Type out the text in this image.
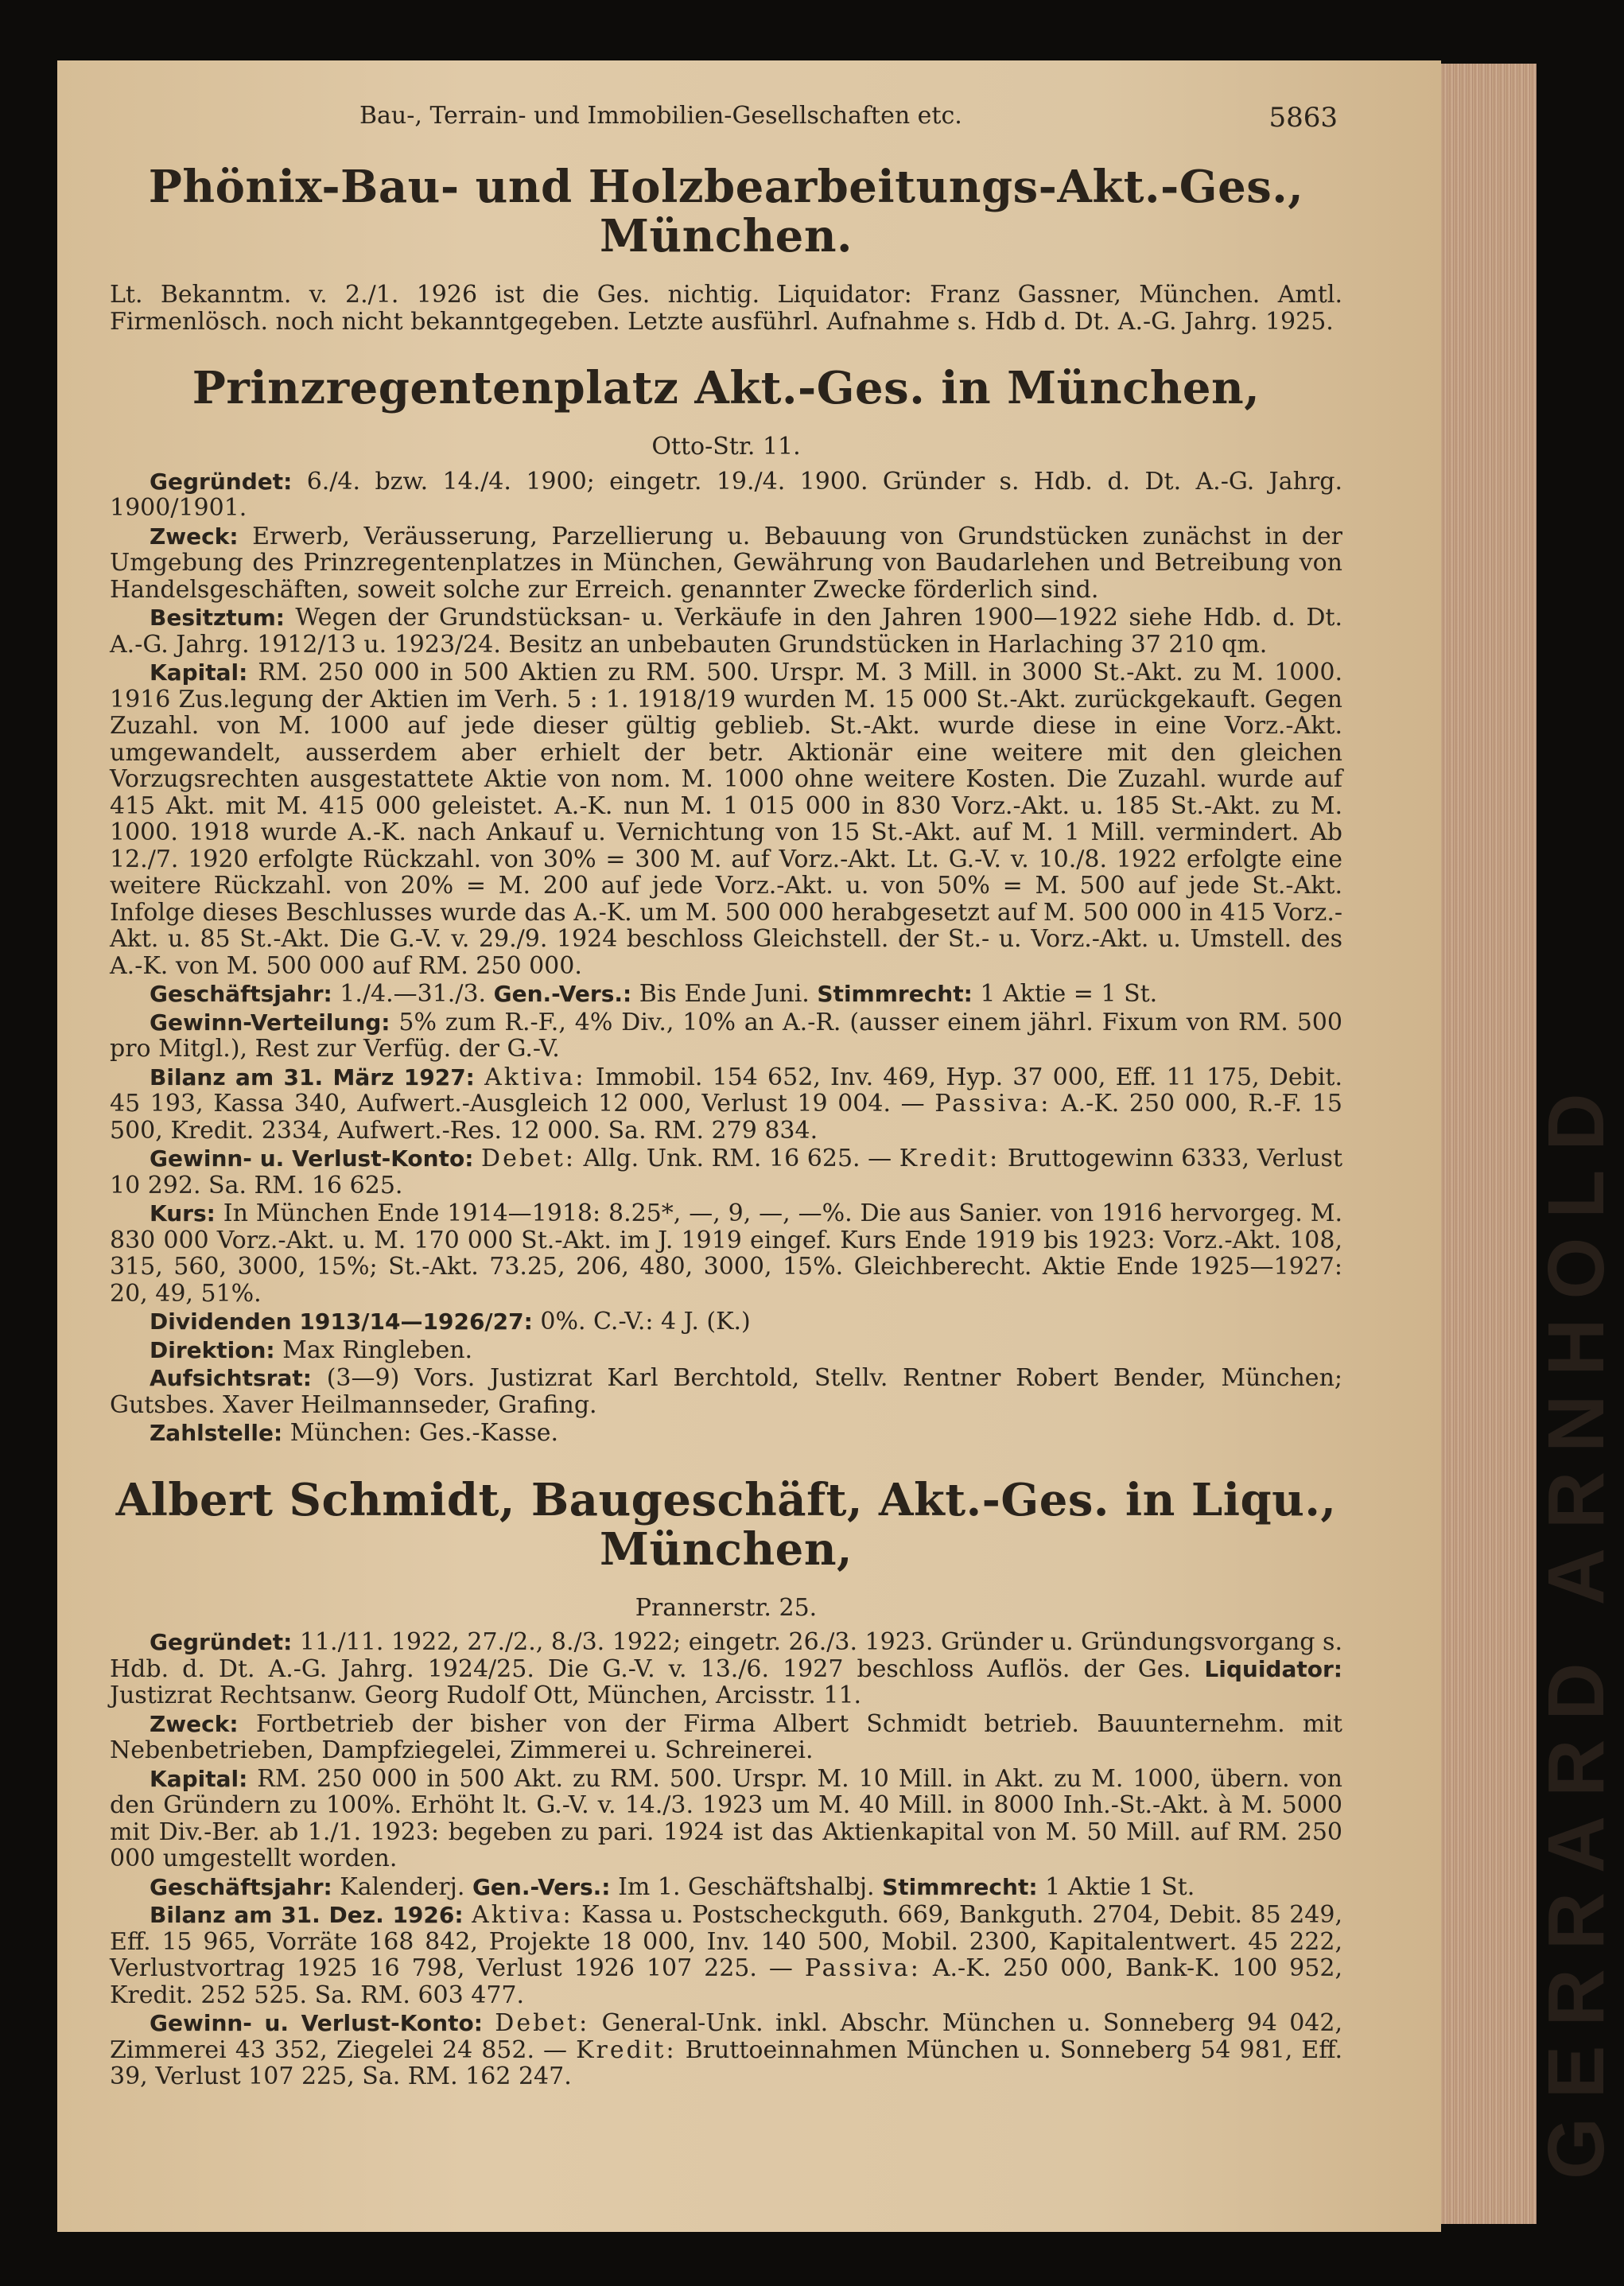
Bau-, Terrain- und Immobilien-Gesellschaften etc.	5863
Phönix-Bau- und Holzbearbeitungs-Akt.-Ges., München.

Lt. Bekanntm. v. 2./1. 1926 ist die Ges. nichtig. Liquidator: Franz Gassner, München. Amtl. Firmenlösch. noch nicht bekanntgegeben. Letzte ausführl. Aufnahme s. Hdb d. Dt. A.-G. Jahrg. 1925.

Prinzregentenplatz Akt.-Ges. in München,
Otto-Str. 11.

Gegründet: 6./4. bzw. 14./4. 1900; eingetr. 19./4. 1900. Gründer s. Hdb. d. Dt. A.-G. Jahrg. 1900/1901.

Zweck: Erwerb, Veräusserung, Parzellierung u. Bebauung von Grundstücken zunächst in der Umgebung des Prinzregentenplatzes in München, Gewährung von Baudarlehen und Betreibung von Handelsgeschäften, soweit solche zur Erreich. genannter Zwecke förderlich sind.

Besitztum: Wegen der Grundstücksan- u. Verkäufe in den Jahren 1900—1922 siehe Hdb. d. Dt. A.-G. Jahrg. 1912/13 u. 1923/24. Besitz an unbebauten Grundstücken in Harlaching 37 210 qm.

Kapital: RM. 250 000 in 500 Aktien zu RM. 500. Urspr. M. 3 Mill. in 3000 St.-Akt. zu M. 1000. 1916 Zus.legung der Aktien im Verh. 5 : 1. 1918/19 wurden M. 15 000 St.-Akt. zurückgekauft. Gegen Zuzahl. von M. 1000 auf jede dieser gültig geblieb. St.-Akt. wurde diese in eine Vorz.-Akt. umgewandelt, ausserdem aber erhielt der betr. Aktionär eine weitere mit den gleichen Vorzugsrechten ausgestattete Aktie von nom. M. 1000 ohne weitere Kosten. Die Zuzahl. wurde auf 415 Akt. mit M. 415 000 geleistet. A.-K. nun M. 1 015 000 in 830 Vorz.-Akt. u. 185 St.-Akt. zu M. 1000. 1918 wurde A.-K. nach Ankauf u. Vernichtung von 15 St.-Akt. auf M. 1 Mill. vermindert. Ab 12./7. 1920 erfolgte Rückzahl. von 30% = 300 M. auf Vorz.-Akt. Lt. G.-V. v. 10./8. 1922 erfolgte eine weitere Rückzahl. von 20% = M. 200 auf jede Vorz.-Akt. u. von 50% = M. 500 auf jede St.-Akt. Infolge dieses Beschlusses wurde das A.-K. um M. 500 000 herabgesetzt auf M. 500 000 in 415 Vorz.-Akt. u. 85 St.-Akt. Die G.-V. v. 29./9. 1924 beschloss Gleichstell. der St.- u. Vorz.-Akt. u. Umstell. des A.-K. von M. 500 000 auf RM. 250 000.

Geschäftsjahr: 1./4.—31./3. Gen.-Vers.: Bis Ende Juni. Stimmrecht: 1 Aktie = 1 St.

Gewinn-Verteilung: 5% zum R.-F., 4% Div., 10% an A.-R. (ausser einem jährl. Fixum von RM. 500 pro Mitgl.), Rest zur Verfüg. der G.-V.

Bilanz am 31. März 1927: Aktiva: Immobil. 154 652, Inv. 469, Hyp. 37 000, Eff. 11 175, Debit. 45 193, Kassa 340, Aufwert.-Ausgleich 12 000, Verlust 19 004. — Passiva: A.-K. 250 000, R.-F. 15 500, Kredit. 2334, Aufwert.-Res. 12 000. Sa. RM. 279 834.

Gewinn- u. Verlust-Konto: Debet: Allg. Unk. RM. 16 625. — Kredit: Bruttogewinn 6333, Verlust 10 292. Sa. RM. 16 625.

Kurs: In München Ende 1914—1918: 8.25*, —, 9, —, —%. Die aus Sanier. von 1916 hervorgeg. M. 830 000 Vorz.-Akt. u. M. 170 000 St.-Akt. im J. 1919 eingef. Kurs Ende 1919 bis 1923: Vorz.-Akt. 108, 315, 560, 3000, 15%; St.-Akt. 73.25, 206, 480, 3000, 15%. Gleichberecht. Aktie Ende 1925—1927: 20, 49, 51%.

Dividenden 1913/14—1926/27: 0%. C.-V.: 4 J. (K.)

Direktion: Max Ringleben.

Aufsichtsrat: (3—9) Vors. Justizrat Karl Berchtold, Stellv. Rentner Robert Bender, München; Gutsbes. Xaver Heilmannseder, Grafing.

Zahlstelle: München: Ges.-Kasse.

Albert Schmidt, Baugeschäft, Akt.-Ges. in Liqu., München,
Prannerstr. 25.

Gegründet: 11./11. 1922, 27./2., 8./3. 1922; eingetr. 26./3. 1923. Gründer u. Gründungsvorgang s. Hdb. d. Dt. A.-G. Jahrg. 1924/25. Die G.-V. v. 13./6. 1927 beschloss Auflös. der Ges. Liquidator: Justizrat Rechtsanw. Georg Rudolf Ott, München, Arcisstr. 11.

Zweck: Fortbetrieb der bisher von der Firma Albert Schmidt betrieb. Bauunternehm. mit Nebenbetrieben, Dampfziegelei, Zimmerei u. Schreinerei.

Kapital: RM. 250 000 in 500 Akt. zu RM. 500. Urspr. M. 10 Mill. in Akt. zu M. 1000, übern. von den Gründern zu 100%. Erhöht lt. G.-V. v. 14./3. 1923 um M. 40 Mill. in 8000 Inh.-St.-Akt. à M. 5000 mit Div.-Ber. ab 1./1. 1923: begeben zu pari. 1924 ist das Aktienkapital von M. 50 Mill. auf RM. 250 000 umgestellt worden.

Geschäftsjahr: Kalenderj. Gen.-Vers.: Im 1. Geschäftshalbj. Stimmrecht: 1 Aktie 1 St.

Bilanz am 31. Dez. 1926: Aktiva: Kassa u. Postscheckguth. 669, Bankguth. 2704, Debit. 85 249, Eff. 15 965, Vorräte 168 842, Projekte 18 000, Inv. 140 500, Mobil. 2300, Kapitalentwert. 45 222, Verlustvortrag 1925 16 798, Verlust 1926 107 225. — Passiva: A.-K. 250 000, Bank-K. 100 952, Kredit. 252 525. Sa. RM. 603 477.

Gewinn- u. Verlust-Konto: Debet: General-Unk. inkl. Abschr. München u. Sonneberg 94 042, Zimmerei 43 352, Ziegelei 24 852. — Kredit: Bruttoeinnahmen München u. Sonneberg 54 981, Eff. 39, Verlust 107 225, Sa. RM. 162 247.	GERRARD ARNHOLD
